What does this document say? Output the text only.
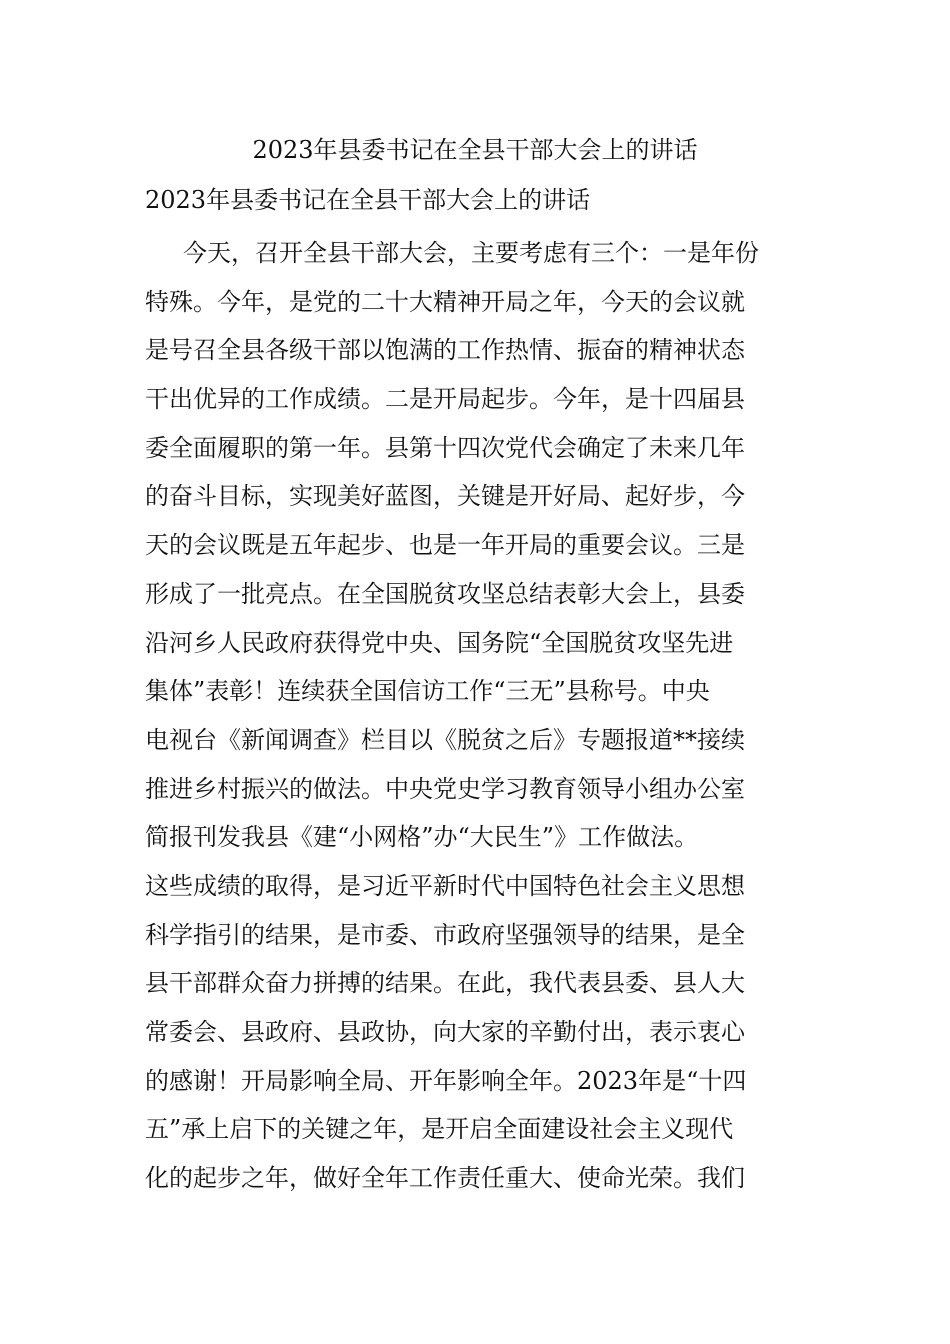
2023年县委书记在全县干部大会上的讲话
2023年县委书记在全县干部大会上的讲话
今天，召开全县干部大会，主要考虑有三个：一是年份
特殊。今年，是党的二十大精神开局之年，今天的会议就
是号召全县各级干部以饱满的工作热情、振奋的精神状态
干出优异的工作成绩。二是开局起步。今年，是十四届县
委全面履职的第一年。县第十四次党代会确定了未来几年
的奋斗目标，实现美好蓝图，关键是开好局、起好步，今
天的会议既是五年起步、也是一年开局的重要会议。三是
形成了一批亮点。在全国脱贫攻坚总结表彰大会上，县委
沿河乡人民政府获得党中央、国务院“全国脱贫攻坚先进
集体”表彰！连续获全国信访工作“三无”县称号。中央
电视台《新闻调查》栏目以《脱贫之后》专题报道**接续
推进乡村振兴的做法。中央党史学习教育领导小组办公室
简报刊发我县《建“小网格”办“大民生”》工作做法。
这些成绩的取得，是习近平新时代中国特色社会主义思想
科学指引的结果，是市委、市政府坚强领导的结果，是全
县干部群众奋力拼搏的结果。在此，我代表县委、县人大
常委会、县政府、县政协，向大家的辛勤付出，表示衷心
的感谢！开局影响全局、开年影响全年。2023年是“十四
五”承上启下的关键之年，是开启全面建设社会主义现代
化的起步之年，做好全年工作责任重大、使命光荣。我们
